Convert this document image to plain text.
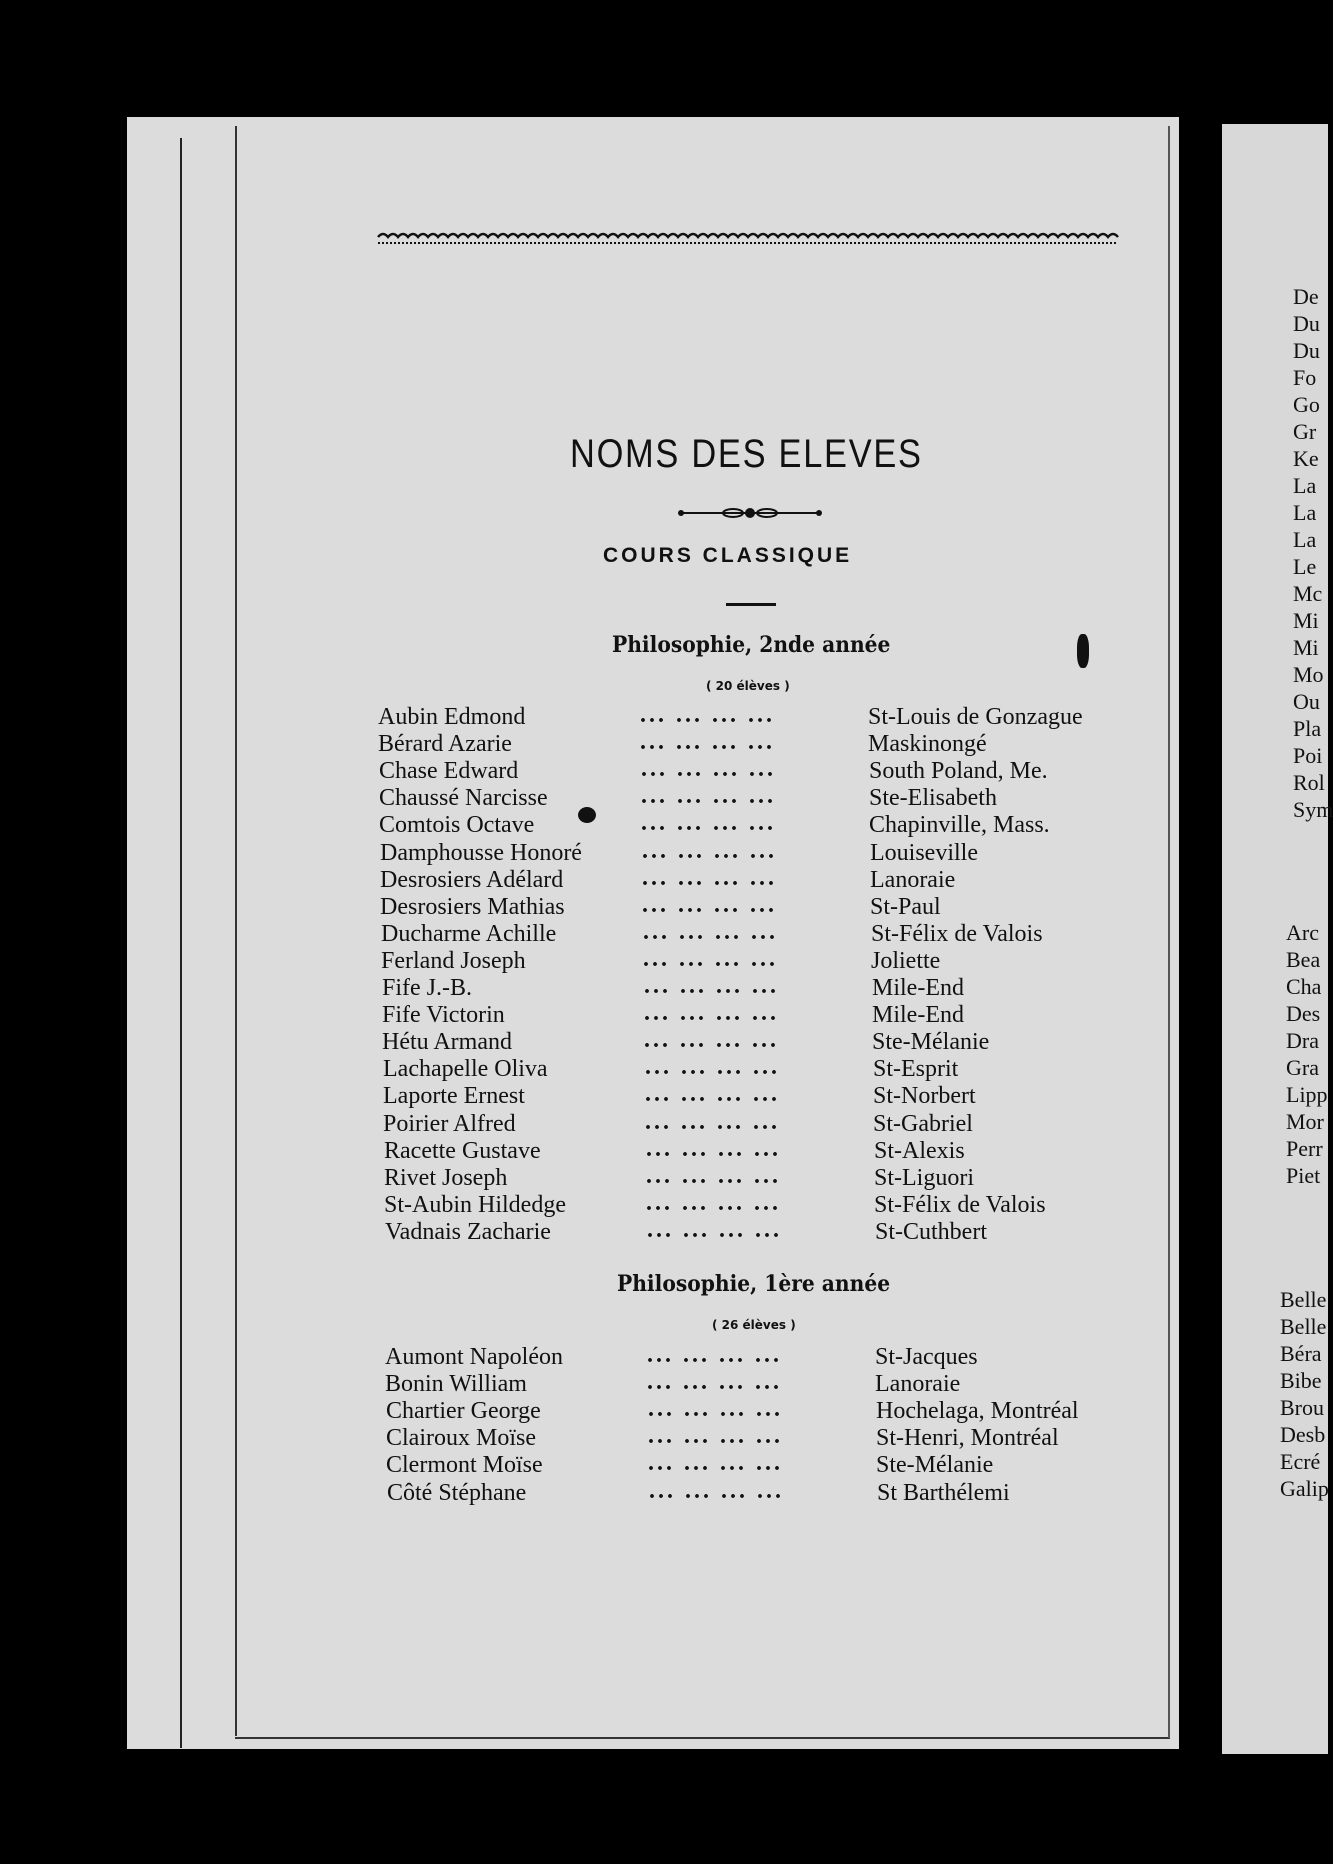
NOMS DES ELEVES
COURS CLASSIQUE
Philosophie, 2nde année
( 20 élèves )
Aubin Edmond	... ... ... ...	St-Louis de Gonzague
Bérard Azarie	... ... ... ...	Maskinongé
Chase Edward	... ... ... ...	South Poland, Me.
Chaussé Narcisse	... ... ... ...	Ste-Elisabeth
Comtois Octave	... ... ... ...	Chapinville, Mass.
Damphousse Honoré	... ... ... ...	Louiseville
Desrosiers Adélard	... ... ... ...	Lanoraie
Desrosiers Mathias	... ... ... ...	St-Paul
Ducharme Achille	... ... ... ...	St-Félix de Valois
Ferland Joseph	... ... ... ...	Joliette
Fife J.-B.	... ... ... ...	Mile-End
Fife Victorin	... ... ... ...	Mile-End
Hétu Armand	... ... ... ...	Ste-Mélanie
Lachapelle Oliva	... ... ... ...	St-Esprit
Laporte Ernest	... ... ... ...	St-Norbert
Poirier Alfred	... ... ... ...	St-Gabriel
Racette Gustave	... ... ... ...	St-Alexis
Rivet Joseph	... ... ... ...	St-Liguori
St-Aubin Hildedge	... ... ... ...	St-Félix de Valois
Vadnais Zacharie	... ... ... ...	St-Cuthbert
Philosophie, 1ère année
( 26 élèves )
Aumont Napoléon	... ... ... ...	St-Jacques
Bonin William	... ... ... ...	Lanoraie
Chartier George	... ... ... ...	Hochelaga, Montréal
Clairoux Moïse	... ... ... ...	St-Henri, Montréal
Clermont Moïse	... ... ... ...	Ste-Mélanie
Côté Stéphane	... ... ... ...	St Barthélemi
De
Du
Du
Fo
Go
Gr
Ke
La
La
La
Le
Mc
Mi
Mi
Mo
Ou
Pla
Poi
Rol
Sym
Arc
Bea
Cha
Des
Dra
Gra
Lipp
Mor
Perr
Piet
Belle
Belle
Béra
Bibe
Brou
Desb
Ecré
Galip
